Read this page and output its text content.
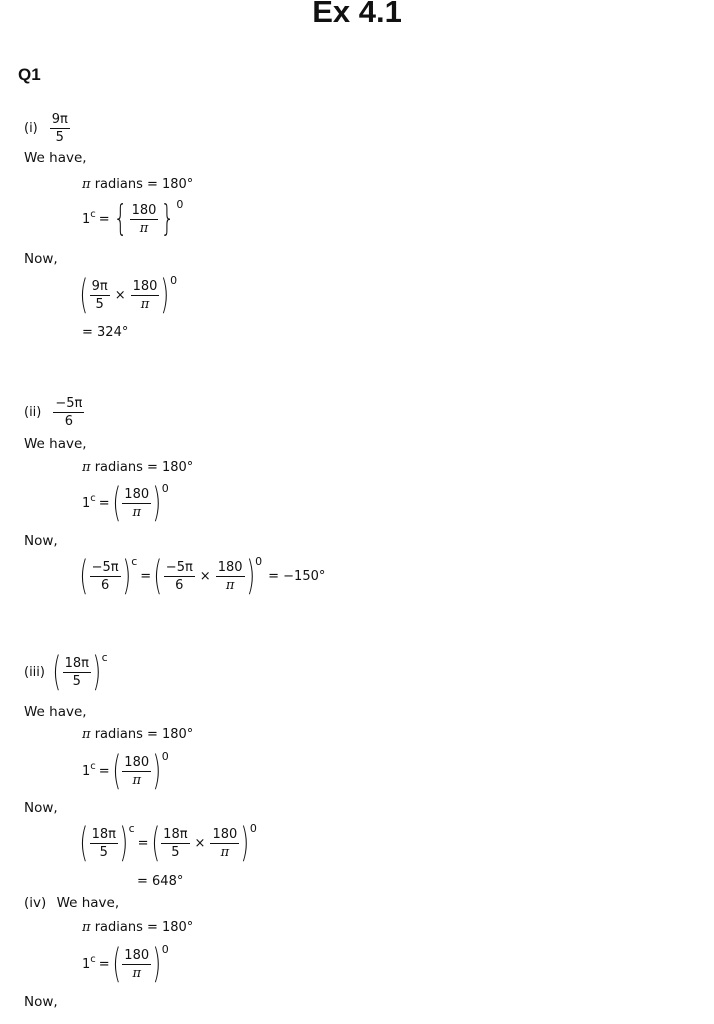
Ex 4.1
Q1
$(i) \frac{9\pi}{5}$
We have,
π radians = 180°
1 c = { $\frac{180}{\pi}$ } 0
Now,
( $\frac{9\pi}{5} \times \frac{180}{\pi}$ ) 0
= 324°
$(ii) \frac{-5\pi}{6}$
We have,
π radians = 180°
1 c = ( $\frac{180}{\pi}$ ) 0
Now,
( $\frac{-5\pi}{6}$ ) c
= ( $\frac{-5\pi}{6} \times \frac{180}{\pi}$ ) 0
= −150°
(iii) ( $\frac{18\pi}{5}$ ) c
We have,
π radians = 180°
1 c = ( $\frac{180}{\pi}$ ) 0
Now,
( $\frac{18\pi}{5}$ ) c
= ( $\frac{18\pi}{5} \times \frac{180}{\pi}$ ) 0
= 648°
(iv) We have,
π radians = 180°
1 c = ( $\frac{180}{\pi}$ ) 0
Now,
